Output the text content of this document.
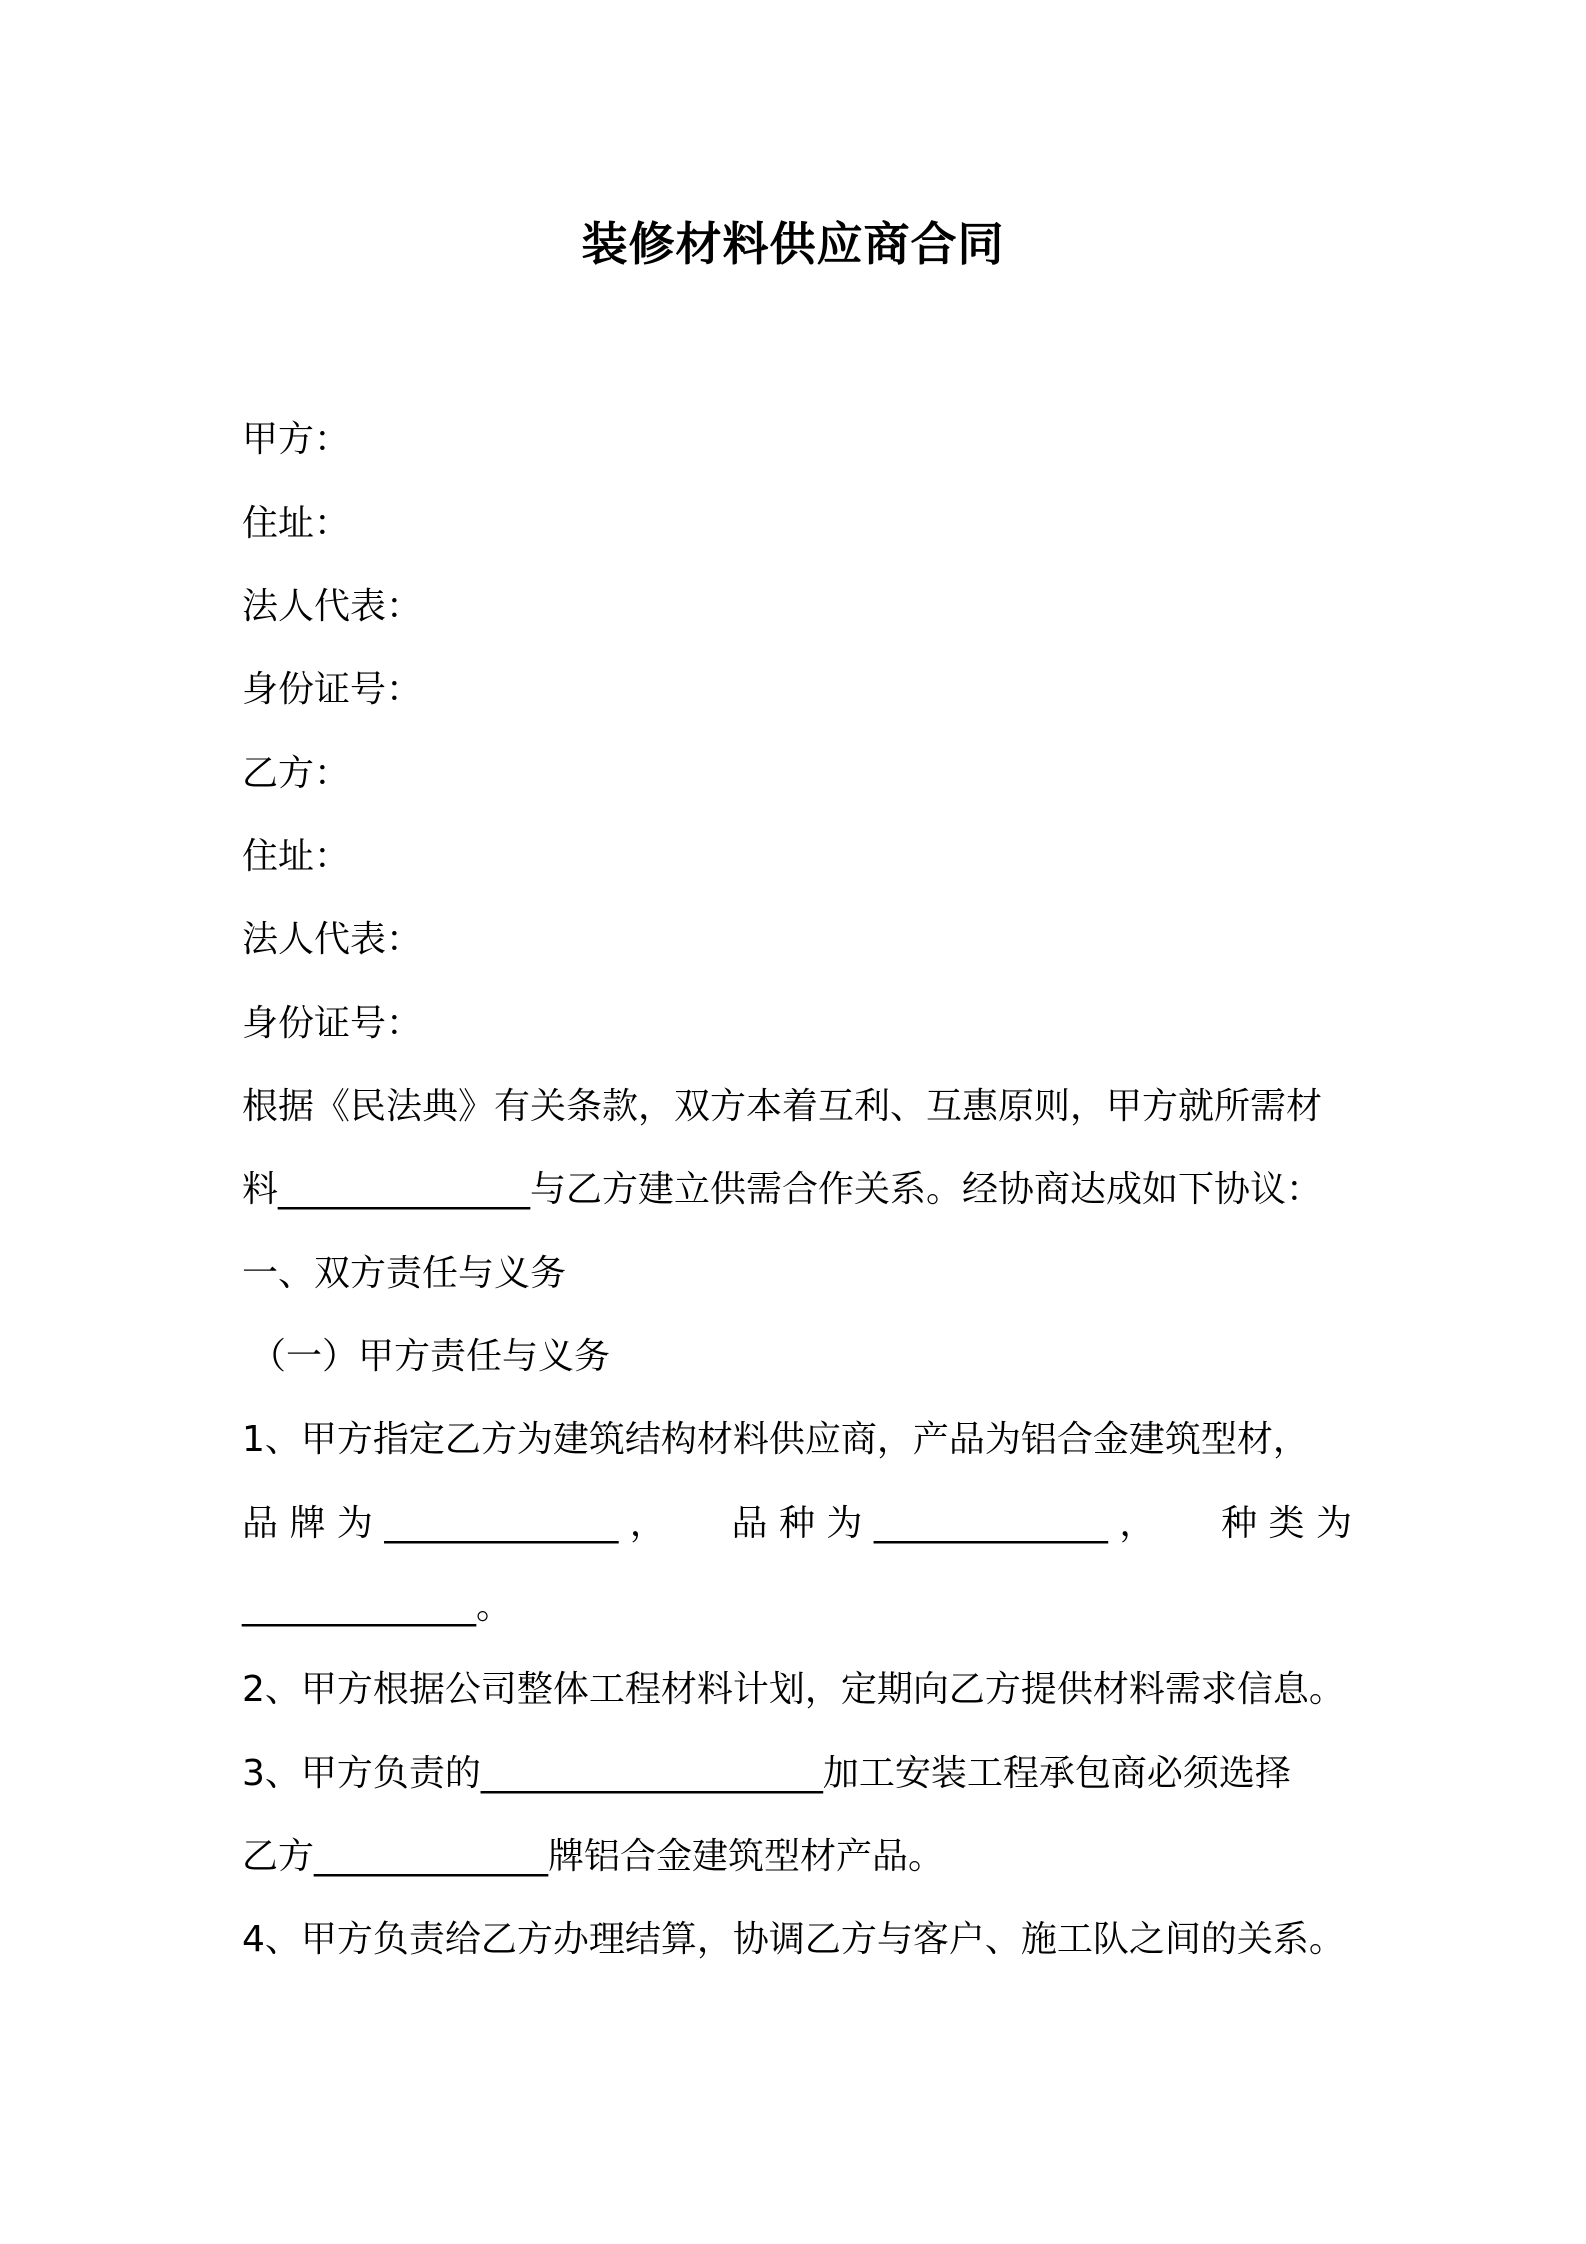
装修材料供应商合同
甲方：
住址：
法人代表：
身份证号：
乙方：
住址：
法人代表：
身份证号：
根据《民法典》有关条款，双方本着互利、互惠原则，甲方就所需材
料______________与乙方建立供需合作关系。经协商达成如下协议：
一、双方责任与义务
（一）甲方责任与义务
1、甲方指定乙方为建筑结构材料供应商，产品为铝合金建筑型材，
品 牌 为 _____________ ， 品 种 为 _____________ ， 种 类 为
_____________。
2、甲方根据公司整体工程材料计划，定期向乙方提供材料需求信息。
3、甲方负责的___________________加工安装工程承包商必须选择
乙方_____________牌铝合金建筑型材产品。
4、甲方负责给乙方办理结算，协调乙方与客户、施工队之间的关系。
